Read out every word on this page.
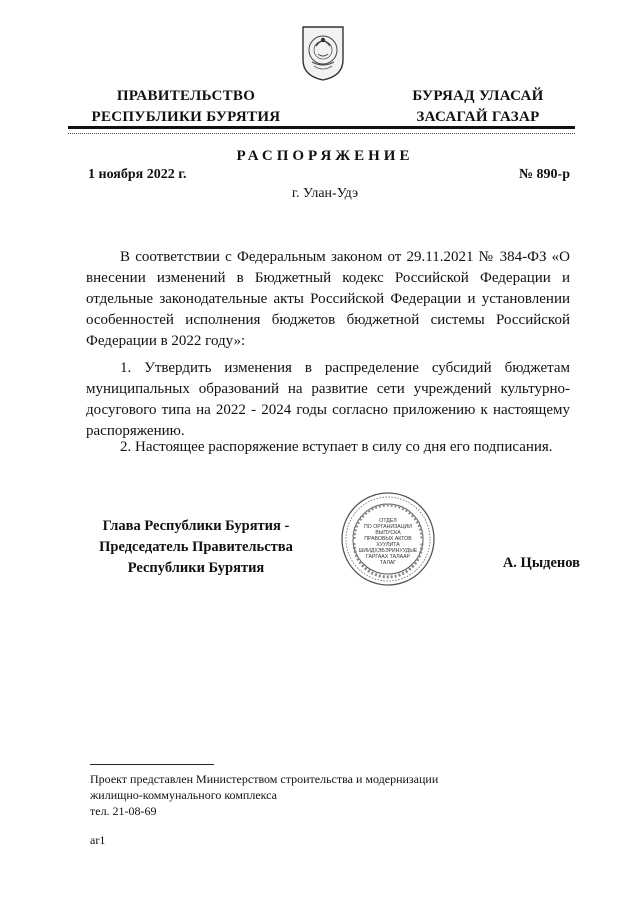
ПРАВИТЕЛЬСТВО
РЕСПУБЛИКИ БУРЯТИЯ
БУРЯАД УЛАСАЙ
ЗАСАГАЙ ГАЗАР
РАСПОРЯЖЕНИЕ
1 ноября 2022 г.	№ 890-р
г. Улан-Удэ
В соответствии с Федеральным законом от 29.11.2021 № 384-ФЗ «О внесении изменений в Бюджетный кодекс Российской Федерации и отдельные законодательные акты Российской Федерации и установлении особенностей исполнения бюджетов бюджетной системы Российской Федерации в 2022 году»:
1. Утвердить изменения в распределение субсидий бюджетам муниципальных образований на развитие сети учреждений культурно-досугового типа на 2022 - 2024 годы согласно приложению к настоящему распоряжению.
2. Настоящее распоряжение вступает в силу со дня его подписания.
Глава Республики Бурятия -
Председатель Правительства
Республики Бурятия
ОТДЕЛ
ПО ОРГАНИЗАЦИИ
ВЫПУСКА
ПРАВОВЫХ АКТОВ
ХУУЛИТА
ШИИДХЭБЭРИНУУДЫЕ
ГАРГААХ ТАЛААР
ТАЛАГ	А. Цыденов
Проект представлен Министерством строительства и модернизации
жилищно-коммунального комплекса
тел. 21-08-69
ar1
